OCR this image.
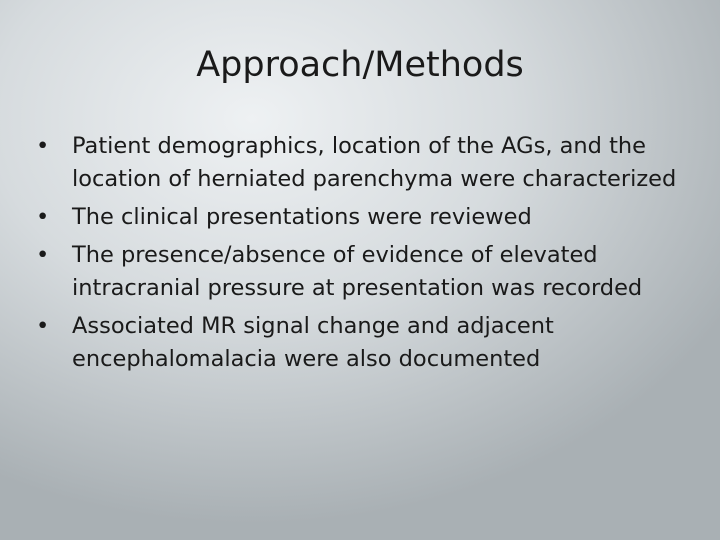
Approach/Methods
• Patient demographics, location of the AGs, and the location of herniated parenchyma were characterized
• The clinical presentations were reviewed
• The presence/absence of evidence of elevated intracranial pressure at presentation was recorded
• Associated MR signal change and adjacent encephalomalacia were also documented
